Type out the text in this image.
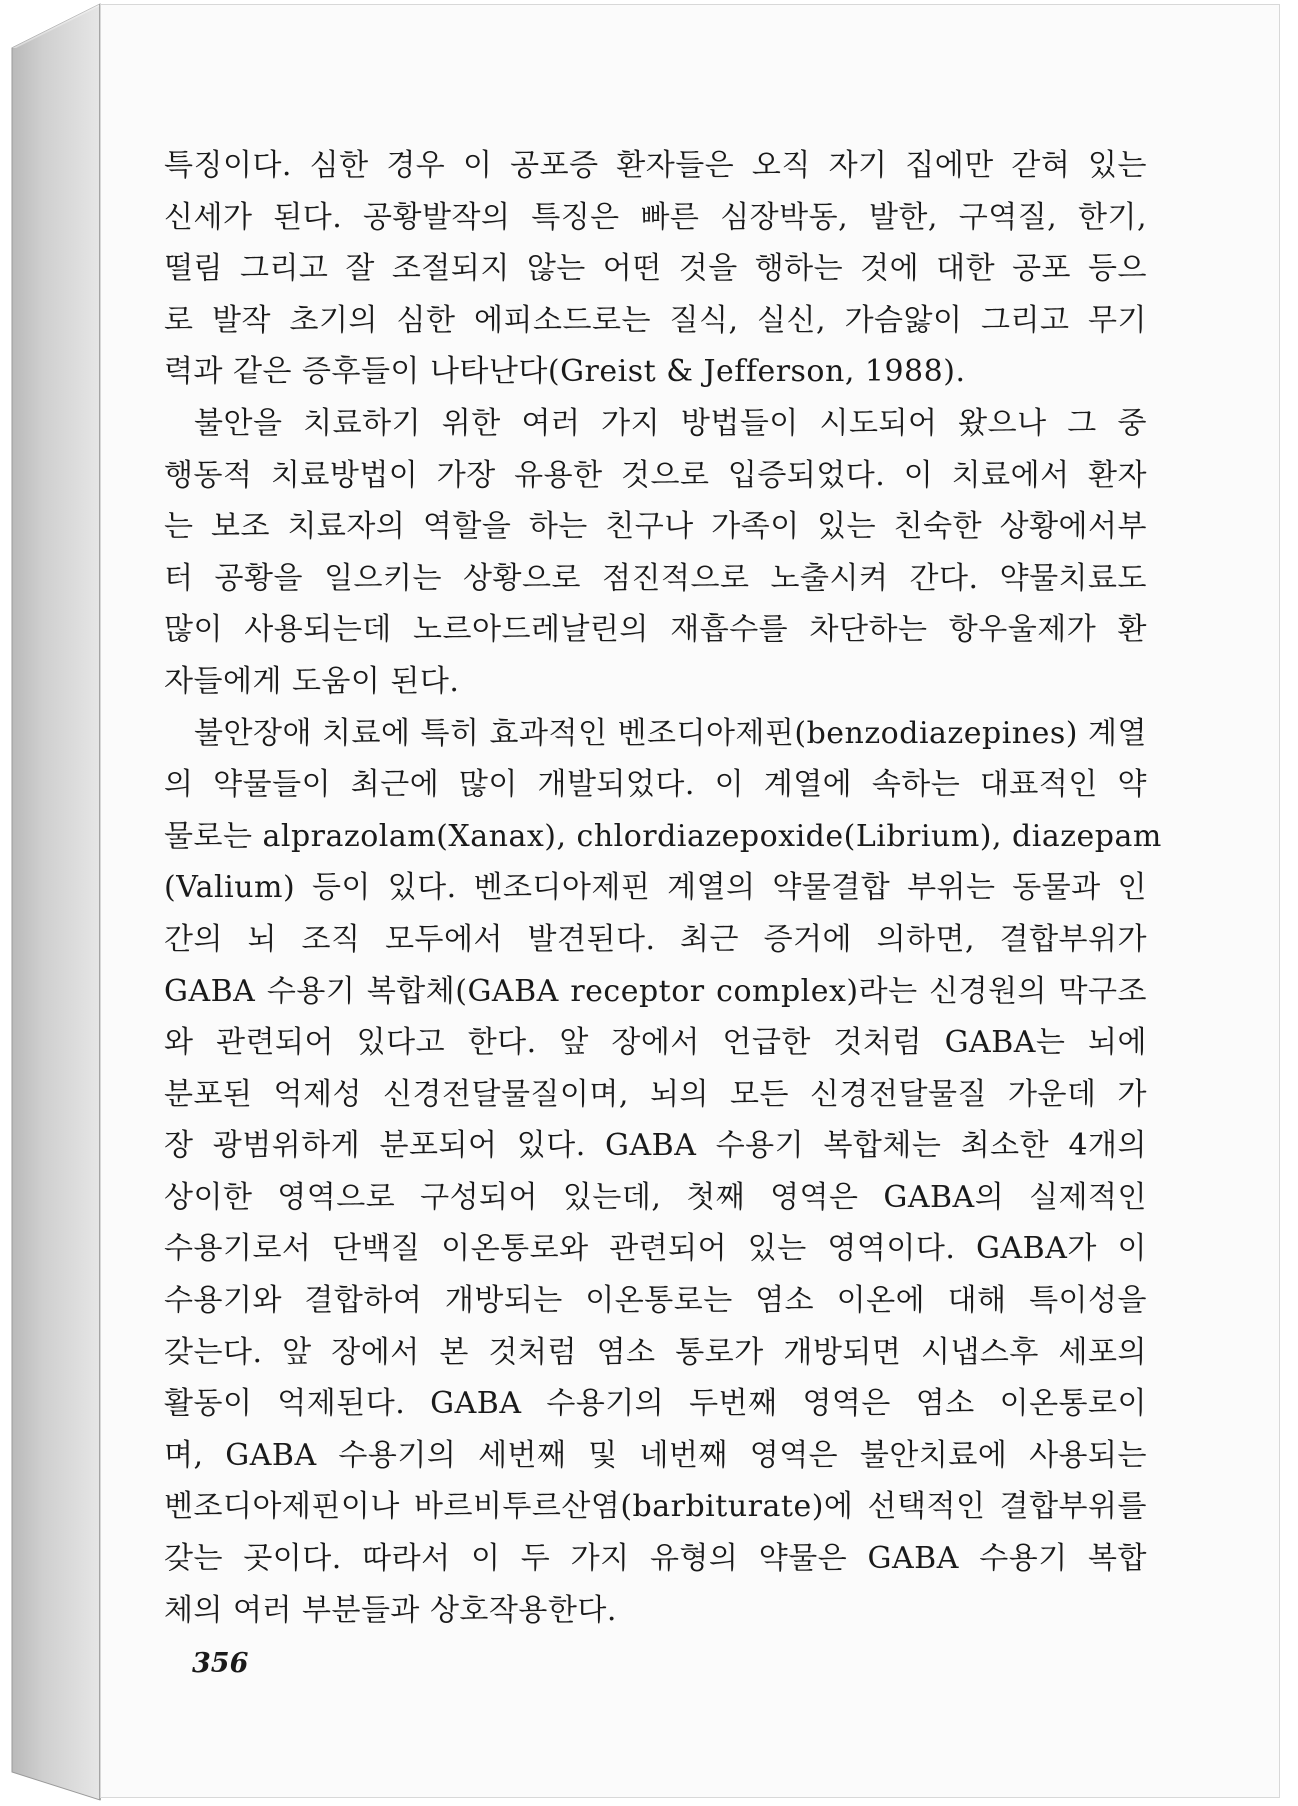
특징이다. 심한 경우 이 공포증 환자들은 오직 자기 집에만 갇혀 있는
신세가 된다. 공황발작의 특징은 빠른 심장박동, 발한, 구역질, 한기,
떨림 그리고 잘 조절되지 않는 어떤 것을 행하는 것에 대한 공포 등으
로 발작 초기의 심한 에피소드로는 질식, 실신, 가슴앓이 그리고 무기
력과 같은 증후들이 나타난다(Greist & Jefferson, 1988).
불안을 치료하기 위한 여러 가지 방법들이 시도되어 왔으나 그 중
행동적 치료방법이 가장 유용한 것으로 입증되었다. 이 치료에서 환자
는 보조 치료자의 역할을 하는 친구나 가족이 있는 친숙한 상황에서부
터 공황을 일으키는 상황으로 점진적으로 노출시켜 간다. 약물치료도
많이 사용되는데 노르아드레날린의 재흡수를 차단하는 항우울제가 환
자들에게 도움이 된다.
불안장애 치료에 특히 효과적인 벤조디아제핀(benzodiazepines) 계열
의 약물들이 최근에 많이 개발되었다. 이 계열에 속하는 대표적인 약
물로는 alprazolam(Xanax), chlordiazepoxide(Librium), diazepam
(Valium) 등이 있다. 벤조디아제핀 계열의 약물결합 부위는 동물과 인
간의 뇌 조직 모두에서 발견된다. 최근 증거에 의하면, 결합부위가
GABA 수용기 복합체(GABA receptor complex)라는 신경원의 막구조
와 관련되어 있다고 한다. 앞 장에서 언급한 것처럼 GABA는 뇌에
분포된 억제성 신경전달물질이며, 뇌의 모든 신경전달물질 가운데 가
장 광범위하게 분포되어 있다. GABA 수용기 복합체는 최소한 4개의
상이한 영역으로 구성되어 있는데, 첫째 영역은 GABA의 실제적인
수용기로서 단백질 이온통로와 관련되어 있는 영역이다. GABA가 이
수용기와 결합하여 개방되는 이온통로는 염소 이온에 대해 특이성을
갖는다. 앞 장에서 본 것처럼 염소 통로가 개방되면 시냅스후 세포의
활동이 억제된다. GABA 수용기의 두번째 영역은 염소 이온통로이
며, GABA 수용기의 세번째 및 네번째 영역은 불안치료에 사용되는
벤조디아제핀이나 바르비투르산염(barbiturate)에 선택적인 결합부위를
갖는 곳이다. 따라서 이 두 가지 유형의 약물은 GABA 수용기 복합
체의 여러 부분들과 상호작용한다.
356
